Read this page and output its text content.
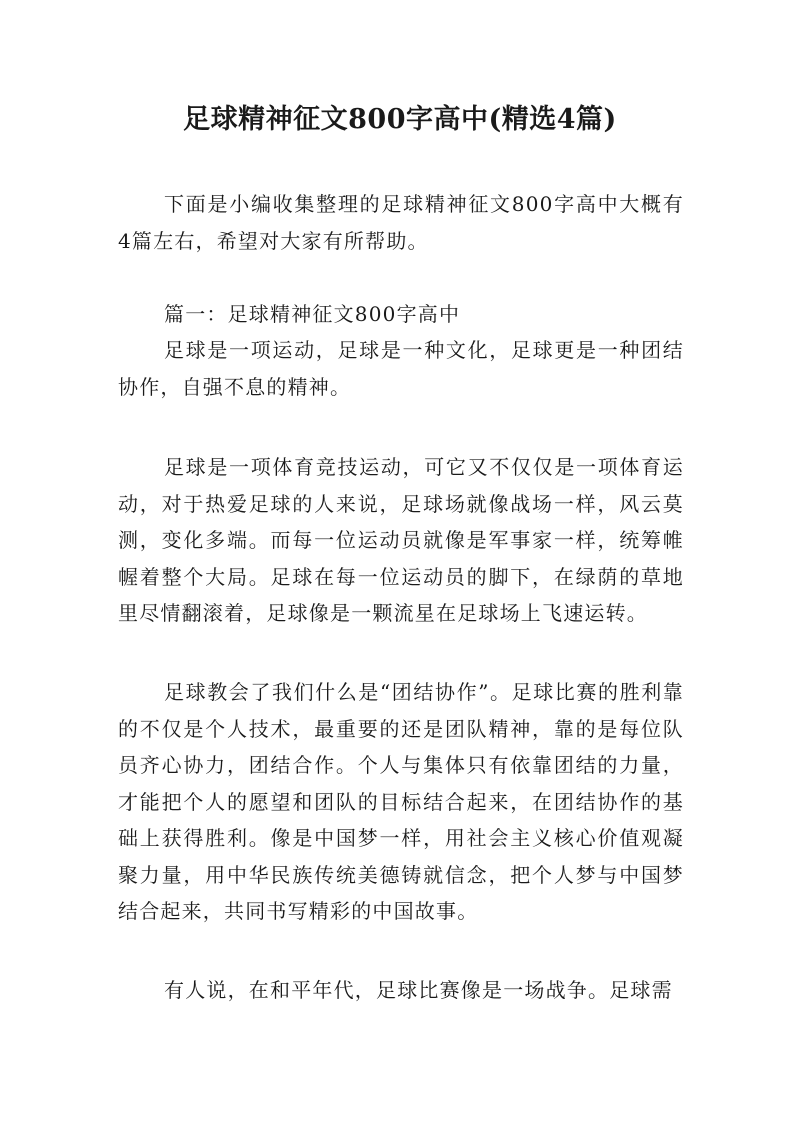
足球精神征文800字高中(精选4篇)

下面是小编收集整理的足球精神征文800字高中大概有4篇左右，希望对大家有所帮助。

篇一：足球精神征文800字高中

足球是一项运动，足球是一种文化，足球更是一种团结协作，自强不息的精神。

足球是一项体育竞技运动，可它又不仅仅是一项体育运动，对于热爱足球的人来说，足球场就像战场一样，风云莫测，变化多端。而每一位运动员就像是军事家一样，统筹帷幄着整个大局。足球在每一位运动员的脚下，在绿荫的草地里尽情翻滚着，足球像是一颗流星在足球场上飞速运转。

足球教会了我们什么是“团结协作”。足球比赛的胜利靠的不仅是个人技术，最重要的还是团队精神，靠的是每位队员齐心协力，团结合作。个人与集体只有依靠团结的力量，才能把个人的愿望和团队的目标结合起来，在团结协作的基础上获得胜利。像是中国梦一样，用社会主义核心价值观凝聚力量，用中华民族传统美德铸就信念，把个人梦与中国梦结合起来，共同书写精彩的中国故事。

有人说，在和平年代，足球比赛像是一场战争。足球需
